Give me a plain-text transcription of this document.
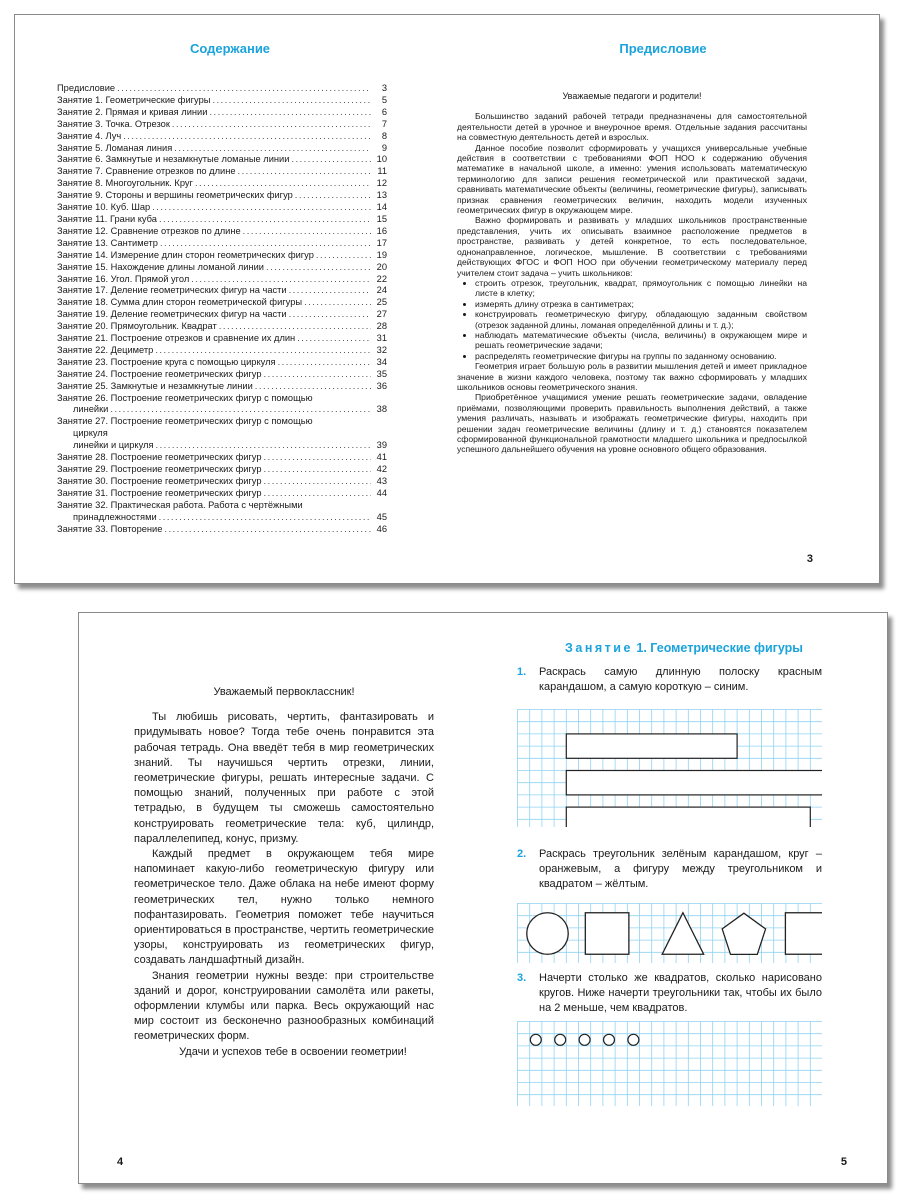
Содержание
Предисловие .....	3
Занятие 1. Геометрические фигуры .....	5
Занятие 2. Прямая и кривая линии .....	6
Занятие 3. Точка. Отрезок .....	7
Занятие 4. Луч .....	8
Занятие 5. Ломаная линия .....	9
Занятие 6. Замкнутые и незамкнутые ломаные линии .....	10
Занятие 7. Сравнение отрезков по длине .....	11
Занятие 8. Многоугольник. Круг .....	12
Занятие 9. Стороны и вершины геометрических фигур .....	13
Занятие 10. Куб. Шар .....	14
Занятие 11. Грани куба .....	15
Занятие 12. Сравнение отрезков по длине .....	16
Занятие 13. Сантиметр .....	17
Занятие 14. Измерение длин сторон геометрических фигур .....	19
Занятие 15. Нахождение длины ломаной линии .....	20
Занятие 16. Угол. Прямой угол .....	22
Занятие 17. Деление геометрических фигур на части .....	24
Занятие 18. Сумма длин сторон геометрической фигуры .....	25
Занятие 19. Деление геометрических фигур на части .....	27
Занятие 20. Прямоугольник. Квадрат .....	28
Занятие 21. Построение отрезков и сравнение их длин .....	31
Занятие 22. Дециметр .....	32
Занятие 23. Построение круга с помощью циркуля .....	34
Занятие 24. Построение геометрических фигур .....	35
Занятие 25. Замкнутые и незамкнутые линии .....	36
Занятие 26. Построение геометрических фигур с помощью
линейки .....	38
Занятие 27. Построение геометрических фигур с помощью
циркуля
линейки и циркуля .....	39
Занятие 28. Построение геометрических фигур .....	41
Занятие 29. Построение геометрических фигур .....	42
Занятие 30. Построение геометрических фигур .....	43
Занятие 31. Построение геометрических фигур .....	44
Занятие 32. Практическая работа. Работа с чертёжными
принадлежностями .....	45
Занятие 33. Повторение .....	46
Предисловие
Уважаемые педагоги и родители!

Большинство заданий рабочей тетради предназначены для самостоятельной деятельности детей в урочное и внеурочное время. Отдельные задания рассчитаны на совместную деятельность детей и взрослых.

Данное пособие позволит сформировать у учащихся универсальные учебные действия в соответствии с требованиями ФОП НОО к содержанию обучения математике в начальной школе, а именно: умения использовать математическую терминологию для записи решения геометрической или практической задачи, сравнивать математические объекты (величины, геометрические фигуры), записывать признак сравнения геометрических величин, находить модели изученных геометрических фигур в окружающем мире.

Важно формировать и развивать у младших школьников пространственные представления, учить их описывать взаимное расположение предметов в пространстве, развивать у детей конкретное, то есть последовательное, однонаправленное, логическое, мышление. В соответствии с требованиями действующих ФГОС и ФОП НОО при обучении геометрическому материалу перед учителем стоит задача – учить школьников:

• строить отрезок, треугольник, квадрат, прямоугольник с помощью линейки на листе в клетку;
• измерять длину отрезка в сантиметрах;
• конструировать геометрическую фигуру, обладающую заданным свойством (отрезок заданной длины, ломаная определённой длины и т. д.);
• наблюдать математические объекты (числа, величины) в окружающем мире и решать геометрические задачи;
• распределять геометрические фигуры на группы по заданному основанию.

Геометрия играет большую роль в развитии мышления детей и имеет прикладное значение в жизни каждого человека, поэтому так важно сформировать у младших школьников основы геометрического знания.

Приобретённое учащимися умение решать геометрические задачи, овладение приёмами, позволяющими проверить правильность выполнения действий, а также умения различать, называть и изображать геометрические фигуры, находить при решении задач геометрические величины (длину и т. д.) становятся показателем сформированной функциональной грамотности младшего школьника и предпосылкой успешного дальнейшего обучения на уровне основного общего образования.

3
Уважаемый первоклассник!

Ты любишь рисовать, чертить, фантазировать и придумывать новое? Тогда тебе очень понравится эта рабочая тетрадь. Она введёт тебя в мир геометрических знаний. Ты научишься чертить отрезки, линии, геометрические фигуры, решать интересные задачи. С помощью знаний, полученных при работе с этой тетрадью, в будущем ты сможешь самостоятельно конструировать геометрические тела: куб, цилиндр, параллелепипед, конус, призму.

Каждый предмет в окружающем тебя мире напоминает какую-либо геометрическую фигуру или геометрическое тело. Даже облака на небе имеют форму геометрических тел, нужно только немного пофантазировать. Геометрия поможет тебе научиться ориентироваться в пространстве, чертить геометрические узоры, конструировать из геометрических фигур, создавать ландшафтный дизайн.

Знания геометрии нужны везде: при строительстве зданий и дорог, конструировании самолёта или ракеты, оформлении клумбы или парка. Весь окружающий нас мир состоит из бесконечно разнообразных комбинаций геометрических форм.

Удачи и успехов тебе в освоении геометрии!

4
Занятие 1. Геометрические фигуры
1.	Раскрась самую длинную полоску красным карандашом, а самую короткую – синим.
2.	Раскрась треугольник зелёным карандашом, круг – оранжевым, а фигуру между треугольником и квадратом – жёлтым.
3.	Начерти столько же квадратов, сколько нарисовано кругов. Ниже начерти треугольники так, чтобы их было на 2 меньше, чем квадратов.
5
